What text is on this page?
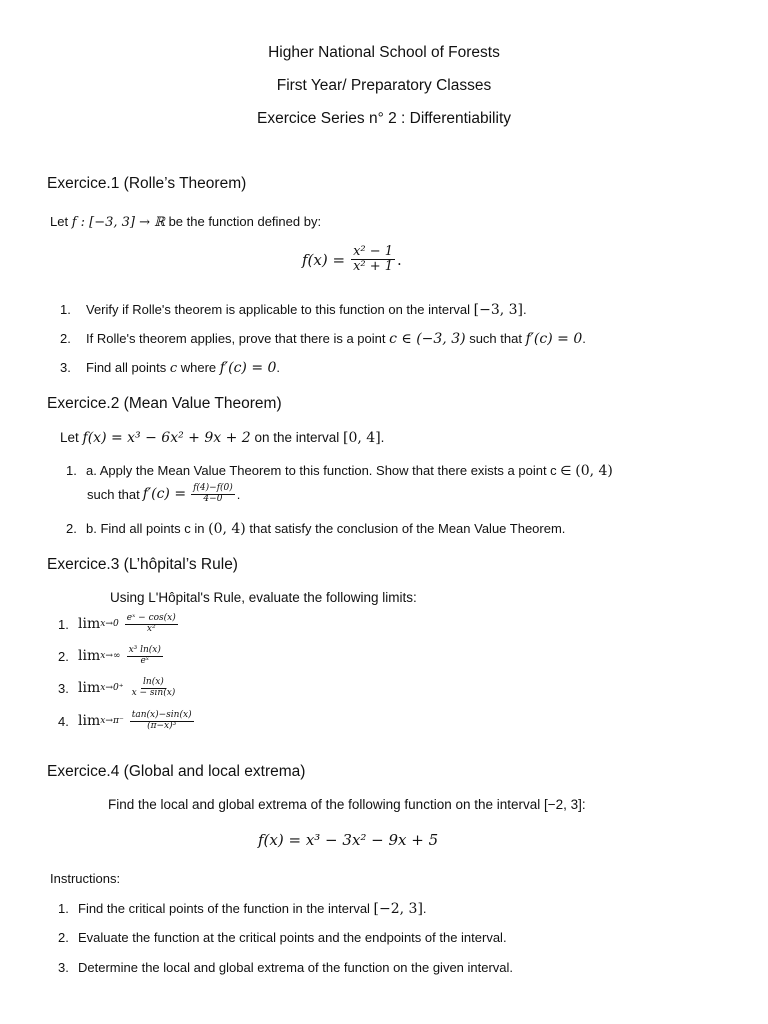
Higher National School of Forests
First Year/ Preparatory Classes
Exercice Series n° 2 : Differentiability
Exercice.1 (Rolle’s Theorem)
Let f : [−3, 3] → ℝ be the function defined by:
$f(x) = \frac{\text{x² − 1}}{\text{x² + 1}}$ .
1. Verify if Rolle's theorem is applicable to this function on the interval [−3, 3].
2. If Rolle's theorem applies, prove that there is a point c ∈ (−3, 3) such that f′(c) = 0.
3. Find all points c where f′(c) = 0.
Exercice.2 (Mean Value Theorem)
Let f(x) = x³ − 6x² + 9x + 2 on the interval [0, 4].
1. a. Apply the Mean Value Theorem to this function. Show that there exists a point c ∈ (0, 4)
such that $f'(c) = \frac{f(4)-f(0)}{4-0}$ .
2. b. Find all points c in (0, 4) that satisfy the conclusion of the Mean Value Theorem.
Exercice.3 (L’hôpital’s Rule)
Using L'Hôpital's Rule, evaluate the following limits:
1. $\lim x\to 0 \frac{\text{eˣ − cos(x)}}{\text{x²}}$
2. $\lim x\to\infty \frac{\text{x³ ln(x)}}{\text{eˣ}}$
3. $\lim x\to 0^+ \frac{\ln(x)}{x - \sin(x)}$
4. $\lim x\to\pi^- \frac{\tan(x)-\sin(x)}{\text{(π−x)³}}$
Exercice.4 (Global and local extrema)
Find the local and global extrema of the following function on the interval [−2, 3]:
f(x) = x³ − 3x² − 9x + 5
Instructions:
1. Find the critical points of the function in the interval [−2, 3].
2. Evaluate the function at the critical points and the endpoints of the interval.
3. Determine the local and global extrema of the function on the given interval.
